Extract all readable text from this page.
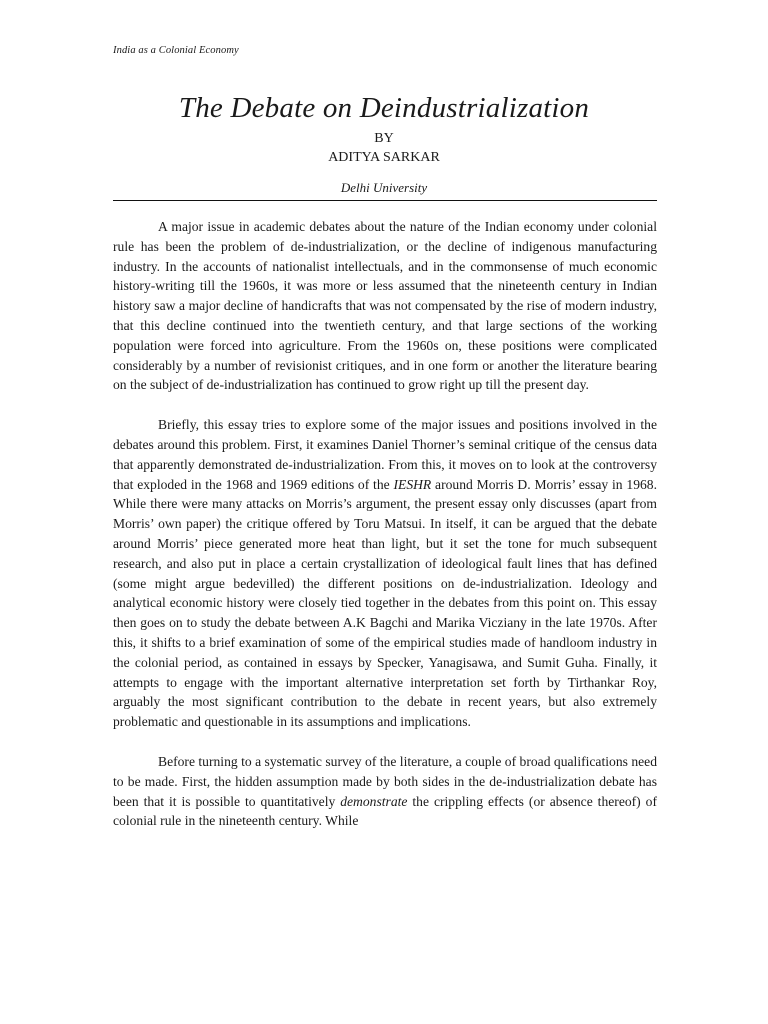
India as a Colonial Economy
The Debate on Deindustrialization
BY
ADITYA SARKAR
Delhi University

A major issue in academic debates about the nature of the Indian economy under colonial rule has been the problem of de-industrialization, or the decline of indigenous manufacturing industry. In the accounts of nationalist intellectuals, and in the commonsense of much economic history-writing till the 1960s, it was more or less assumed that the nineteenth century in Indian history saw a major decline of handicrafts that was not compensated by the rise of modern industry, that this decline continued into the twentieth century, and that large sections of the working population were forced into agriculture. From the 1960s on, these positions were complicated considerably by a number of revisionist critiques, and in one form or another the literature bearing on the subject of de-industrialization has continued to grow right up till the present day.

Briefly, this essay tries to explore some of the major issues and positions involved in the debates around this problem. First, it examines Daniel Thorner’s seminal critique of the census data that apparently demonstrated de-industrialization. From this, it moves on to look at the controversy that exploded in the 1968 and 1969 editions of the IESHR around Morris D. Morris’ essay in 1968. While there were many attacks on Morris’s argument, the present essay only discusses (apart from Morris’ own paper) the critique offered by Toru Matsui. In itself, it can be argued that the debate around Morris’ piece generated more heat than light, but it set the tone for much subsequent research, and also put in place a certain crystallization of ideological fault lines that has defined (some might argue bedevilled) the different positions on de-industrialization. Ideology and analytical economic history were closely tied together in the debates from this point on. This essay then goes on to study the debate between A.K Bagchi and Marika Vicziany in the late 1970s. After this, it shifts to a brief examination of some of the empirical studies made of handloom industry in the colonial period, as contained in essays by Specker, Yanagisawa, and Sumit Guha. Finally, it attempts to engage with the important alternative interpretation set forth by Tirthankar Roy, arguably the most significant contribution to the debate in recent years, but also extremely problematic and questionable in its assumptions and implications.

Before turning to a systematic survey of the literature, a couple of broad qualifications need to be made. First, the hidden assumption made by both sides in the de-industrialization debate has been that it is possible to quantitatively demonstrate the crippling effects (or absence thereof) of colonial rule in the nineteenth century. While
